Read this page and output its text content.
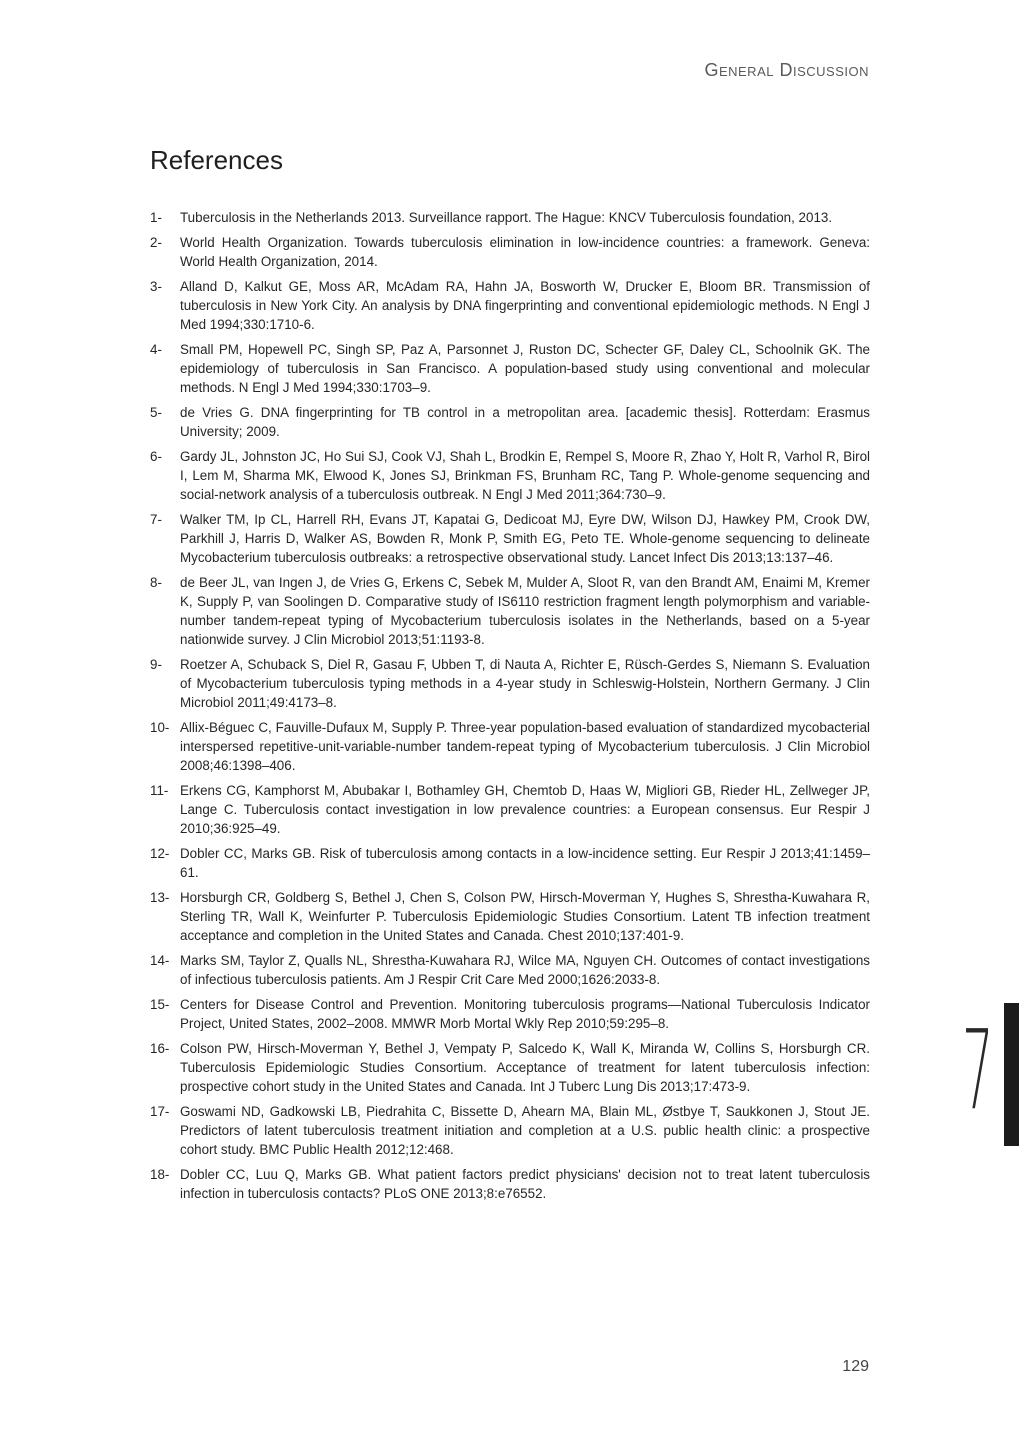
General Discussion
References
1-	Tuberculosis in the Netherlands 2013. Surveillance rapport. The Hague: KNCV Tuberculosis foundation, 2013.
2-	World Health Organization. Towards tuberculosis elimination in low-incidence countries: a framework. Geneva: World Health Organization, 2014.
3-	Alland D, Kalkut GE, Moss AR, McAdam RA, Hahn JA, Bosworth W, Drucker E, Bloom BR. Transmission of tuberculosis in New York City. An analysis by DNA fingerprinting and conventional epidemiologic methods. N Engl J Med 1994;330:1710-6.
4-	Small PM, Hopewell PC, Singh SP, Paz A, Parsonnet J, Ruston DC, Schecter GF, Daley CL, Schoolnik GK. The epidemiology of tuberculosis in San Francisco. A population-based study using conventional and molecular methods. N Engl J Med 1994;330:1703–9.
5-	de Vries G. DNA fingerprinting for TB control in a metropolitan area. [academic thesis]. Rotterdam: Erasmus University; 2009.
6-	Gardy JL, Johnston JC, Ho Sui SJ, Cook VJ, Shah L, Brodkin E, Rempel S, Moore R, Zhao Y, Holt R, Varhol R, Birol I, Lem M, Sharma MK, Elwood K, Jones SJ, Brinkman FS, Brunham RC, Tang P. Whole-genome sequencing and social-network analysis of a tuberculosis outbreak. N Engl J Med 2011;364:730–9.
7-	Walker TM, Ip CL, Harrell RH, Evans JT, Kapatai G, Dedicoat MJ, Eyre DW, Wilson DJ, Hawkey PM, Crook DW, Parkhill J, Harris D, Walker AS, Bowden R, Monk P, Smith EG, Peto TE. Whole-genome sequencing to delineate Mycobacterium tuberculosis outbreaks: a retrospective observational study. Lancet Infect Dis 2013;13:137–46.
8-	de Beer JL, van Ingen J, de Vries G, Erkens C, Sebek M, Mulder A, Sloot R, van den Brandt AM, Enaimi M, Kremer K, Supply P, van Soolingen D. Comparative study of IS6110 restriction fragment length polymorphism and variable-number tandem-repeat typing of Mycobacterium tuberculosis isolates in the Netherlands, based on a 5-year nationwide survey. J Clin Microbiol 2013;51:1193-8.
9-	Roetzer A, Schuback S, Diel R, Gasau F, Ubben T, di Nauta A, Richter E, Rüsch-Gerdes S, Niemann S. Evaluation of Mycobacterium tuberculosis typing methods in a 4-year study in Schleswig-Holstein, Northern Germany. J Clin Microbiol 2011;49:4173–8.
10- Allix-Béguec C, Fauville-Dufaux M, Supply P. Three-year population-based evaluation of standardized mycobacterial interspersed repetitive-unit-variable-number tandem-repeat typing of Mycobacterium tuberculosis. J Clin Microbiol 2008;46:1398–406.
11- Erkens CG, Kamphorst M, Abubakar I, Bothamley GH, Chemtob D, Haas W, Migliori GB, Rieder HL, Zellweger JP, Lange C. Tuberculosis contact investigation in low prevalence countries: a European consensus. Eur Respir J 2010;36:925–49.
12- Dobler CC, Marks GB. Risk of tuberculosis among contacts in a low-incidence setting. Eur Respir J 2013;41:1459–61.
13- Horsburgh CR, Goldberg S, Bethel J, Chen S, Colson PW, Hirsch-Moverman Y, Hughes S, Shrestha-Kuwahara R, Sterling TR, Wall K, Weinfurter P. Tuberculosis Epidemiologic Studies Consortium. Latent TB infection treatment acceptance and completion in the United States and Canada. Chest 2010;137:401-9.
14- Marks SM, Taylor Z, Qualls NL, Shrestha-Kuwahara RJ, Wilce MA, Nguyen CH. Outcomes of contact investigations of infectious tuberculosis patients. Am J Respir Crit Care Med 2000;1626:2033-8.
15- Centers for Disease Control and Prevention. Monitoring tuberculosis programs—National Tuberculosis Indicator Project, United States, 2002–2008. MMWR Morb Mortal Wkly Rep 2010;59:295–8.
16- Colson PW, Hirsch-Moverman Y, Bethel J, Vempaty P, Salcedo K, Wall K, Miranda W, Collins S, Horsburgh CR. Tuberculosis Epidemiologic Studies Consortium. Acceptance of treatment for latent tuberculosis infection: prospective cohort study in the United States and Canada. Int J Tuberc Lung Dis 2013;17:473-9.
17- Goswami ND, Gadkowski LB, Piedrahita C, Bissette D, Ahearn MA, Blain ML, Østbye T, Saukkonen J, Stout JE. Predictors of latent tuberculosis treatment initiation and completion at a U.S. public health clinic: a prospective cohort study. BMC Public Health 2012;12:468.
18- Dobler CC, Luu Q, Marks GB. What patient factors predict physicians' decision not to treat latent tuberculosis infection in tuberculosis contacts? PLoS ONE 2013;8:e76552.
7
129
